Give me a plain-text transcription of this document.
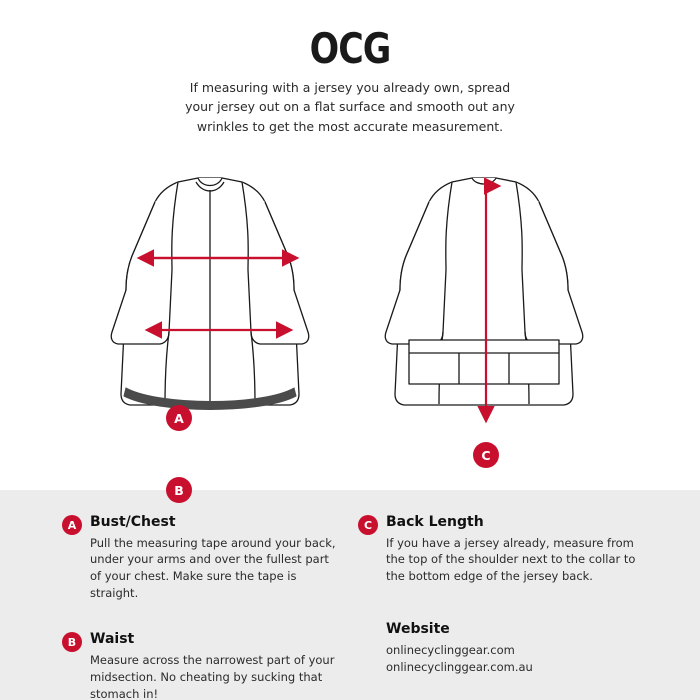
OCG
If measuring with a jersey you already own, spread your jersey out on a flat surface and smooth out any wrinkles to get the most accurate measurement.
A
B
C
A Bust/Chest
Pull the measuring tape around your back, under your arms and over the fullest part of your chest. Make sure the tape is straight.
B Waist
Measure across the narrowest part of your midsection. No cheating by sucking that stomach in!
C Back Length
If you have a jersey already, measure from the top of the shoulder next to the collar to the bottom edge of the jersey back.
Website
onlinecyclinggear.com
onlinecyclinggear.com.au
